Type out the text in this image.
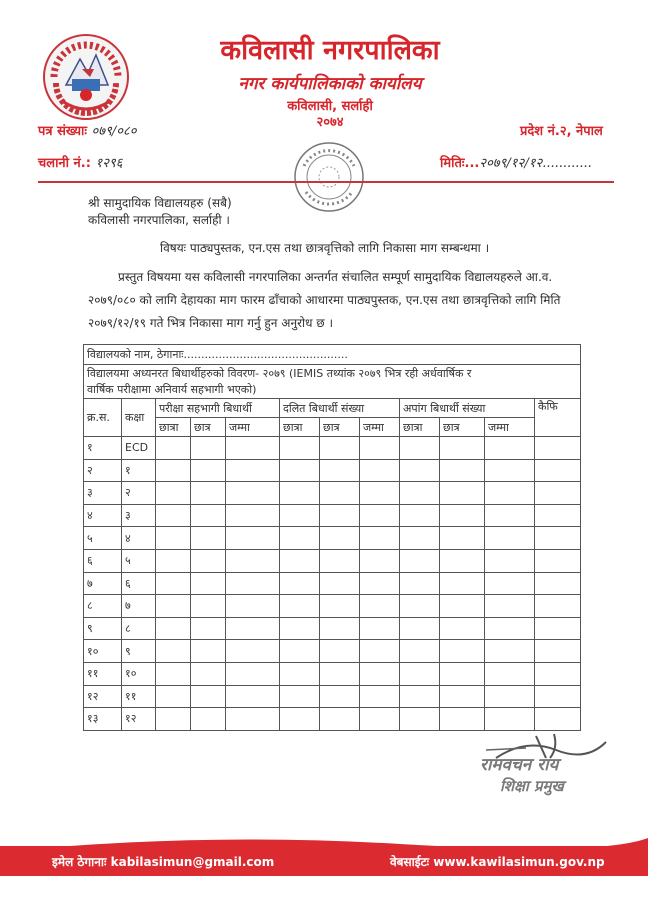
कविलासी नगरपालिका
नगर कार्यपालिकाको कार्यालय
कविलासी, सर्लाही
२०७४
पत्र संख्याः ०७९/०८०	प्रदेश नं.२, नेपाल
चलानी नं.: १२९६	मितिः...२०७९/१२/१२............
श्री सामुदायिक विद्यालयहरु (सबै)
कविलासी नगरपालिका, सर्लाही ।
विषयः पाठ्यपुस्तक, एन.एस तथा छात्रवृत्तिको लागि निकासा माग सम्बन्धमा ।
प्रस्तुत विषयमा यस कविलासी नगरपालिका अन्तर्गत संचालित सम्पूर्ण सामुदायिक विद्यालयहरुले आ.व. २०७९/०८० को लागि देहायका माग फारम ढाँचाको आधारमा पाठ्यपुस्तक, एन.एस तथा छात्रवृत्तिको लागि मिति २०७९/१२/१९ गते भित्र निकासा माग गर्नु हुन अनुरोध छ ।
विद्यालयको नाम, ठेगानाः...............................................											
विद्यालयमा अध्यनरत बिधार्थीहरुको विवरण- २०७९ (IEMIS तथ्यांक २०७९ भित्र रही अर्धवार्षिक र											
वार्षिक परीक्षामा अनिवार्य सहभागी भएको)											
क्र.स.	कक्षा	परीक्षा सहभागी बिधार्थी			दलित बिधार्थी संख्या			अपांग बिधार्थी संख्या			कैफि
		छात्रा	छात्र	जम्मा	छात्रा	छात्र	जम्मा	छात्रा	छात्र	जम्मा	
१	ECD										
२	१										
३	२										
४	३										
५	४										
६	५										
७	६										
८	७										
९	८										
१०	९										
११	१०										
१२	११										
१३	१२										
रामवचन राय
शिक्षा प्रमुख
इमेल ठेगानाः kabilasimun@gmail.com	वेबसाईटः www.kawilasimun.gov.np
